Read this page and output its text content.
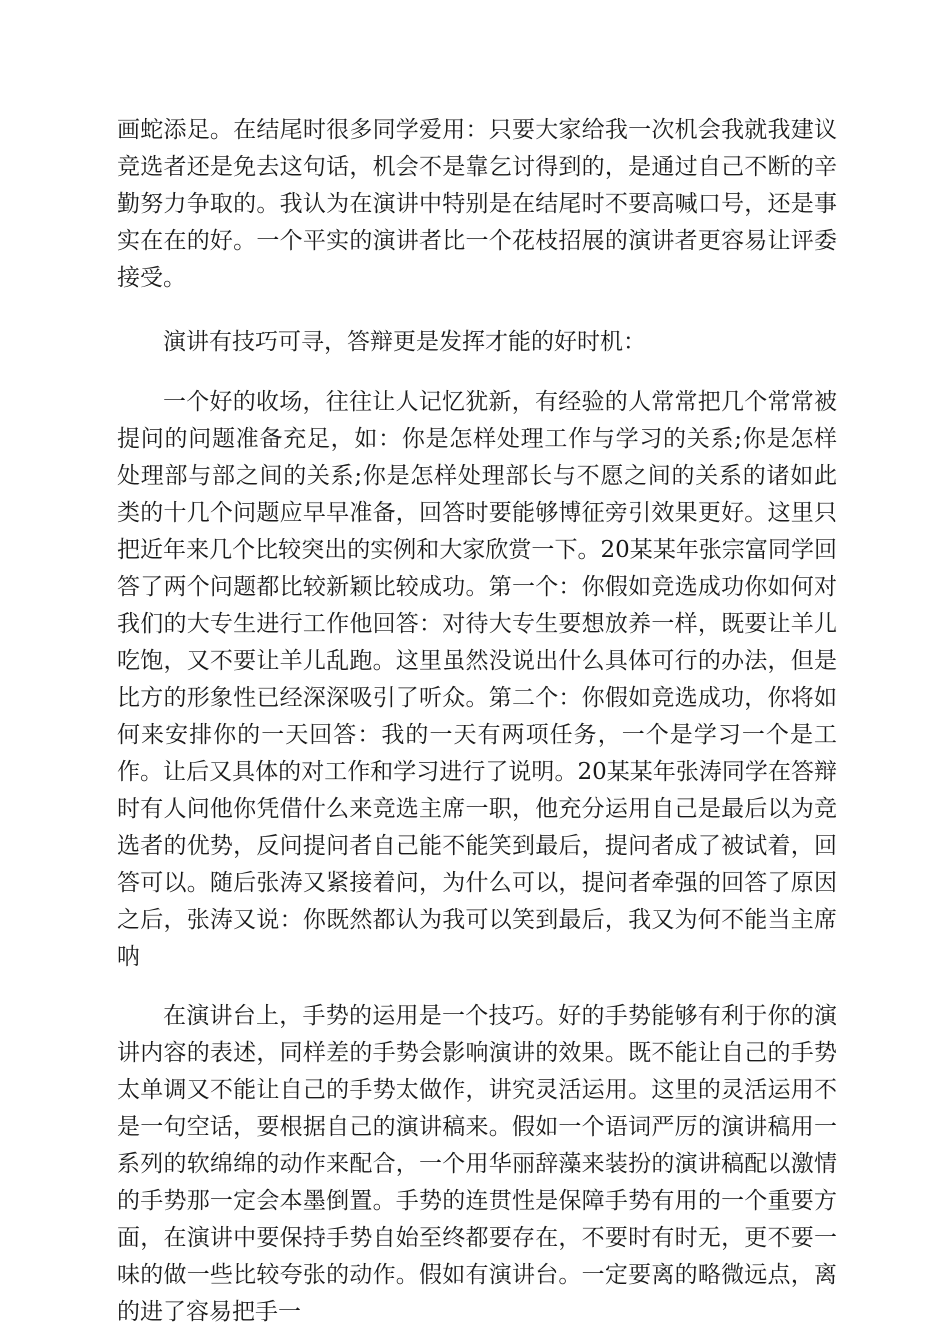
画蛇添足。在结尾时很多同学爱用：只要大家给我一次机会我就我建议竞选者还是免去这句话，机会不是靠乞讨得到的，是通过自己不断的辛勤努力争取的。我认为在演讲中特别是在结尾时不要高喊口号，还是事实在在的好。一个平实的演讲者比一个花枝招展的演讲者更容易让评委接受。

演讲有技巧可寻，答辩更是发挥才能的好时机：

一个好的收场，往往让人记忆犹新，有经验的人常常把几个常常被提问的问题准备充足，如：你是怎样处理工作与学习的关系;你是怎样处理部与部之间的关系;你是怎样处理部长与不愿之间的关系的诸如此类的十几个问题应早早准备，回答时要能够博征旁引效果更好。这里只把近年来几个比较突出的实例和大家欣赏一下。20某某年张宗富同学回答了两个问题都比较新颖比较成功。第一个：你假如竞选成功你如何对我们的大专生进行工作他回答：对待大专生要想放养一样，既要让羊儿吃饱，又不要让羊儿乱跑。这里虽然没说出什么具体可行的办法，但是比方的形象性已经深深吸引了听众。第二个：你假如竞选成功，你将如何来安排你的一天回答：我的一天有两项任务，一个是学习一个是工作。让后又具体的对工作和学习进行了说明。20某某年张涛同学在答辩时有人问他你凭借什么来竞选主席一职，他充分运用自己是最后以为竞选者的优势，反问提问者自己能不能笑到最后，提问者成了被试着，回答可以。随后张涛又紧接着问，为什么可以，提问者牵强的回答了原因之后，张涛又说：你既然都认为我可以笑到最后，我又为何不能当主席呐

在演讲台上，手势的运用是一个技巧。好的手势能够有利于你的演讲内容的表述，同样差的手势会影响演讲的效果。既不能让自己的手势太单调又不能让自己的手势太做作，讲究灵活运用。这里的灵活运用不是一句空话，要根据自己的演讲稿来。假如一个语词严厉的演讲稿用一系列的软绵绵的动作来配合，一个用华丽辞藻来装扮的演讲稿配以激情的手势那一定会本墨倒置。手势的连贯性是保障手势有用的一个重要方面，在演讲中要保持手势自始至终都要存在，不要时有时无，更不要一味的做一些比较夸张的动作。假如有演讲台。一定要离的略微远点，离的进了容易把手一
